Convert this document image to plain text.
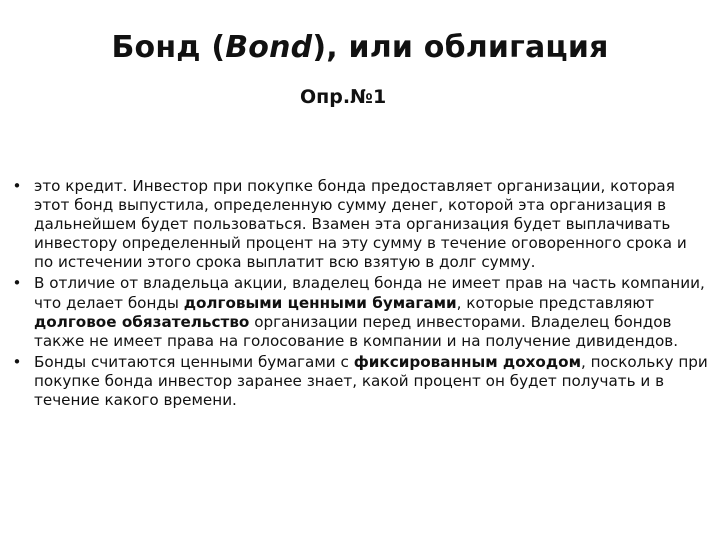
Бонд (Bond), или облигация
Опр.№1
• это кредит. Инвестор при покупке бонда предоставляет организации, которая этот бонд выпустила, определенную сумму денег, которой эта организация в дальнейшем будет пользоваться. Взамен эта организация будет выплачивать инвестору определенный процент на эту сумму в течение оговоренного срока и по истечении этого срока выплатит всю взятую в долг сумму.
• В отличие от владельца акции, владелец бонда не имеет прав на часть компании, что делает бонды долговыми ценными бумагами, которые представляют долговое обязательство организации перед инвесторами. Владелец бондов также не имеет права на голосование в компании и на получение дивидендов.
• Бонды считаются ценными бумагами с фиксированным доходом, поскольку при покупке бонда инвестор заранее знает, какой процент он будет получать и в течение какого времени.
